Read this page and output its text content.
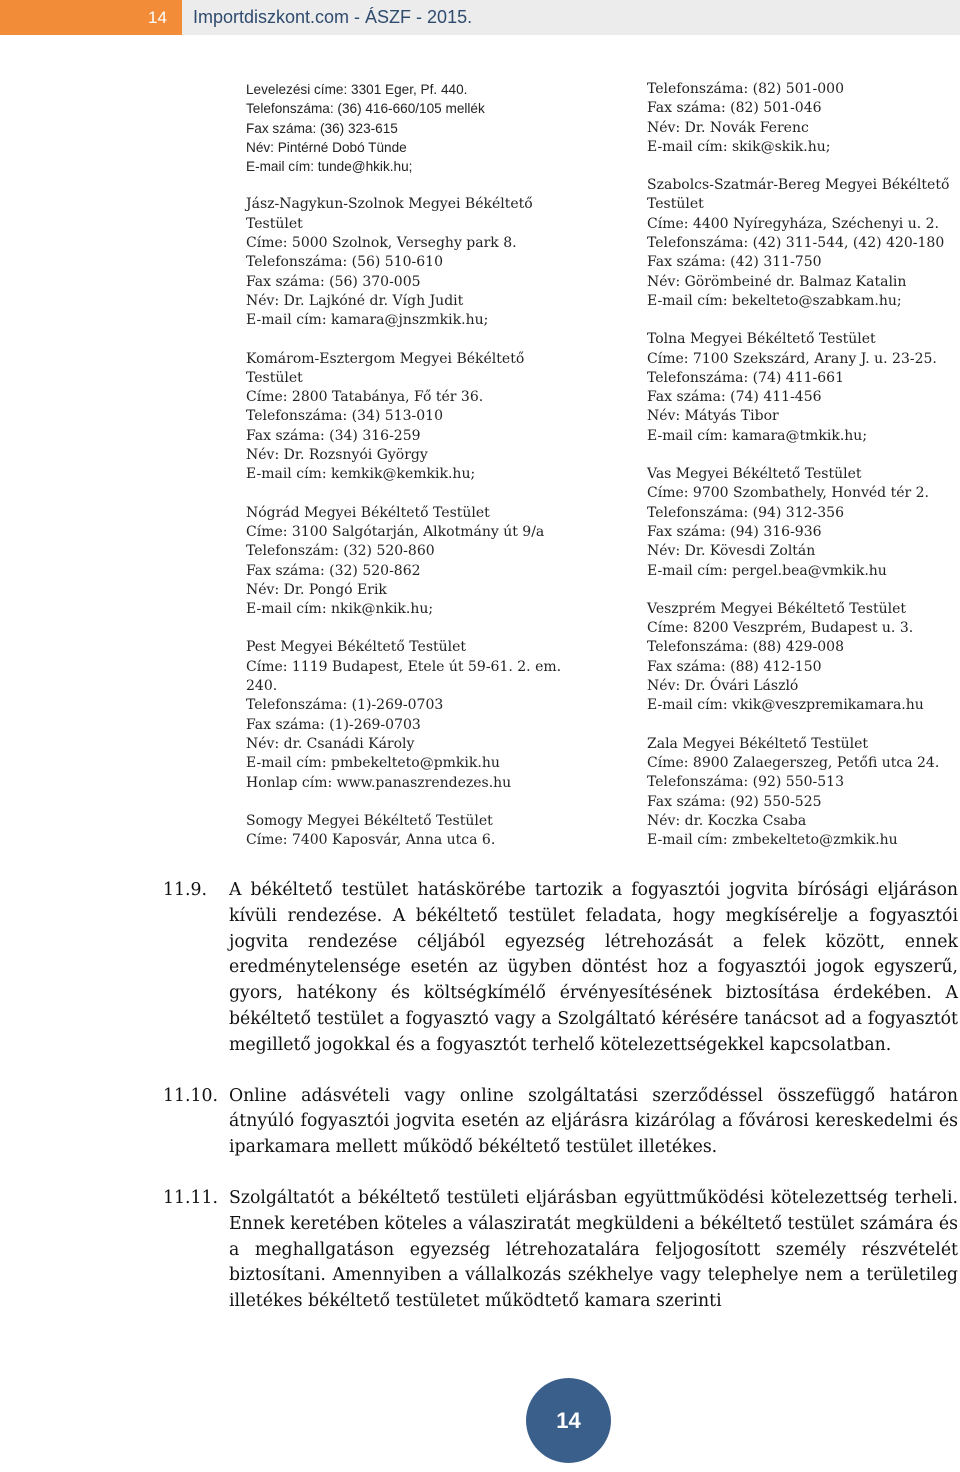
14	Importdiszkont.com - ÁSZF - 2015.
Levelezési címe: 3301 Eger, Pf. 440.
Telefonszáma: (36) 416-660/105 mellék
Fax száma: (36) 323-615
Név: Pintérné Dobó Tünde
E-mail cím: tunde@hkik.hu;
Jász-Nagykun-Szolnok Megyei Békéltető
Testület
Címe: 5000 Szolnok, Verseghy park 8.
Telefonszáma: (56) 510-610
Fax száma: (56) 370-005
Név: Dr. Lajkóné dr. Vígh Judit
E-mail cím: kamara@jnszmkik.hu;
Komárom-Esztergom Megyei Békéltető
Testület
Címe: 2800 Tatabánya, Fő tér 36.
Telefonszáma: (34) 513-010
Fax száma: (34) 316-259
Név: Dr. Rozsnyói György
E-mail cím: kemkik@kemkik.hu;
Nógrád Megyei Békéltető Testület
Címe: 3100 Salgótarján, Alkotmány út 9/a
Telefonszám: (32) 520-860
Fax száma: (32) 520-862
Név: Dr. Pongó Erik
E-mail cím: nkik@nkik.hu;
Pest Megyei Békéltető Testület
Címe: 1119 Budapest, Etele út 59-61. 2. em.
240.
Telefonszáma: (1)-269-0703
Fax száma: (1)-269-0703
Név: dr. Csanádi Károly
E-mail cím: pmbekelteto@pmkik.hu
Honlap cím: www.panaszrendezes.hu
Somogy Megyei Békéltető Testület
Címe: 7400 Kaposvár, Anna utca 6.
Telefonszáma: (82) 501-000
Fax száma: (82) 501-046
Név: Dr. Novák Ferenc
E-mail cím: skik@skik.hu;
Szabolcs-Szatmár-Bereg Megyei Békéltető
Testület
Címe: 4400 Nyíregyháza, Széchenyi u. 2.
Telefonszáma: (42) 311-544, (42) 420-180
Fax száma: (42) 311-750
Név: Görömbeiné dr. Balmaz Katalin
E-mail cím: bekelteto@szabkam.hu;
Tolna Megyei Békéltető Testület
Címe: 7100 Szekszárd, Arany J. u. 23-25.
Telefonszáma: (74) 411-661
Fax száma: (74) 411-456
Név: Mátyás Tibor
E-mail cím: kamara@tmkik.hu;
Vas Megyei Békéltető Testület
Címe: 9700 Szombathely, Honvéd tér 2.
Telefonszáma: (94) 312-356
Fax száma: (94) 316-936
Név: Dr. Kövesdi Zoltán
E-mail cím: pergel.bea@vmkik.hu
Veszprém Megyei Békéltető Testület
Címe: 8200 Veszprém, Budapest u. 3.
Telefonszáma: (88) 429-008
Fax száma: (88) 412-150
Név: Dr. Óvári László
E-mail cím: vkik@veszpremikamara.hu
Zala Megyei Békéltető Testület
Címe: 8900 Zalaegerszeg, Petőfi utca 24.
Telefonszáma: (92) 550-513
Fax száma: (92) 550-525
Név: dr. Koczka Csaba
E-mail cím: zmbekelteto@zmkik.hu
11.9. A békéltető testület hatáskörébe tartozik a fogyasztói jogvita bírósági eljáráson kívüli rendezése. A békéltető testület feladata, hogy megkísérelje a fogyasztói jogvita rendezése céljából egyezség létrehozását a felek között, ennek eredménytelensége esetén az ügyben döntést hoz a fogyasztói jogok egyszerű, gyors, hatékony és költségkímélő érvényesítésének biztosítása érdekében. A békéltető testület a fogyasztó vagy a Szolgáltató kérésére tanácsot ad a fogyasztót megillető jogokkal és a fogyasztót terhelő kötelezettségekkel kapcsolatban.
11.10. Online adásvételi vagy online szolgáltatási szerződéssel összefüggő határon átnyúló fogyasztói jogvita esetén az eljárásra kizárólag a fővárosi kereskedelmi és iparkamara mellett működő békéltető testület illetékes.
11.11. Szolgáltatót a békéltető testületi eljárásban együttműködési kötelezettség terheli. Ennek keretében köteles a válasziratát megküldeni a békéltető testület számára és a meghallgatáson egyezség létrehozatalára feljogosított személy részvételét biztosítani. Amennyiben a vállalkozás székhelye vagy telephelye nem a területileg illetékes békéltető testületet működtető kamara szerinti
14
